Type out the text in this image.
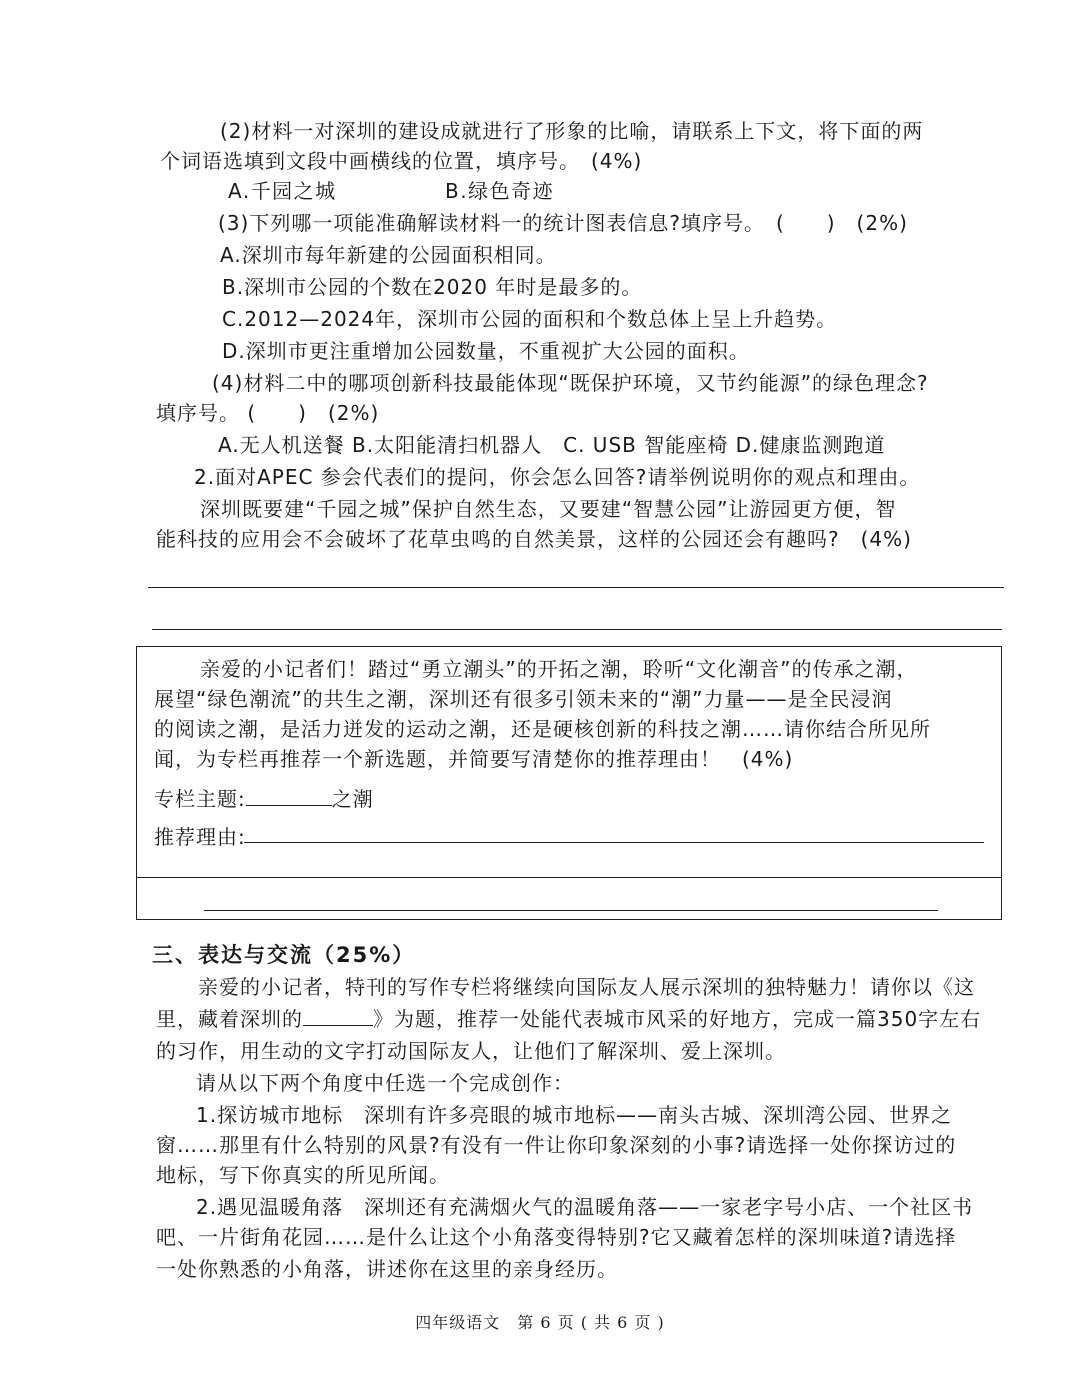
(2)材料一对深圳的建设成就进行了形象的比喻，请联系上下文，将下面的两

个词语选填到文段中画横线的位置，填序号。　(4%)

A.千园之城	B.绿色奇迹

(3)下列哪一项能准确解读材料一的统计图表信息?填序号。　(　　)　(2%)

A.深圳市每年新建的公园面积相同。

B.深圳市公园的个数在2020 年时是最多的。

C.2012—2024年，深圳市公园的面积和个数总体上呈上升趋势。

D.深圳市更注重增加公园数量，不重视扩大公园的面积。

(4)材料二中的哪项创新科技最能体现“既保护环境，又节约能源”的绿色理念?

填序号。 (　　)　(2%)

A.无人机送餐 B.太阳能清扫机器人　C. USB 智能座椅 D.健康监测跑道

2.面对APEC 参会代表们的提问，你会怎么回答?请举例说明你的观点和理由。

深圳既要建“千园之城”保护自然生态，又要建“智慧公园”让游园更方便，智

能科技的应用会不会破坏了花草虫鸣的自然美景，这样的公园还会有趣吗?　(4%)

亲爱的小记者们！踏过“勇立潮头”的开拓之潮，聆听“文化潮音”的传承之潮，

展望“绿色潮流”的共生之潮，深圳还有很多引领未来的“潮”力量——是全民浸润

的阅读之潮，是活力迸发的运动之潮，还是硬核创新的科技之潮……请你结合所见所

闻，为专栏再推荐一个新选题，并简要写清楚你的推荐理由！　(4%)

专栏主题:	之潮

推荐理由:

三、表达与交流（25%）

亲爱的小记者，特刊的写作专栏将继续向国际友人展示深圳的独特魅力！请你以《这

里，藏着深圳的	》为题，推荐一处能代表城市风采的好地方，完成一篇350字左右

的习作，用生动的文字打动国际友人，让他们了解深圳、爱上深圳。

请从以下两个角度中任选一个完成创作：

1.探访城市地标　深圳有许多亮眼的城市地标——南头古城、深圳湾公园、世界之

窗……那里有什么特别的风景?有没有一件让你印象深刻的小事?请选择一处你探访过的

地标，写下你真实的所见所闻。

2.遇见温暖角落　深圳还有充满烟火气的温暖角落——一家老字号小店、一个社区书

吧、一片街角花园……是什么让这个小角落变得特别?它又藏着怎样的深圳味道?请选择

一处你熟悉的小角落，讲述你在这里的亲身经历。

四年级语文　第 6 页 ( 共 6 页 )
